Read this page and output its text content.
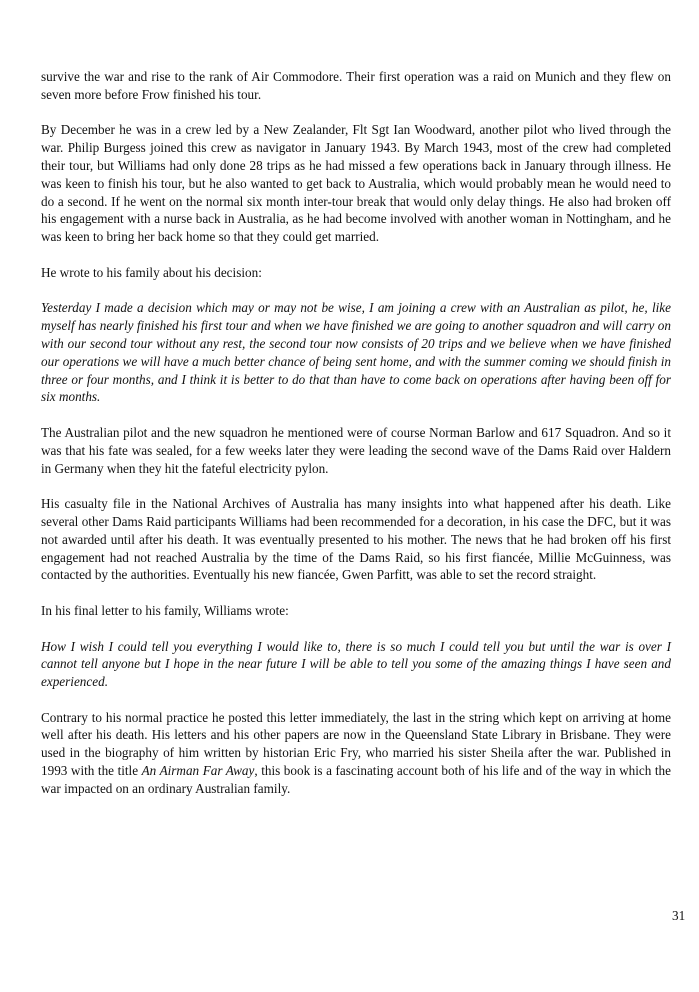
survive the war and rise to the rank of Air Commodore. Their first operation was a raid on Munich and they flew on seven more before Frow finished his tour.

By December he was in a crew led by a New Zealander, Flt Sgt Ian Woodward, another pilot who lived through the war. Philip Burgess joined this crew as navigator in January 1943. By March 1943, most of the crew had completed their tour, but Williams had only done 28 trips as he had missed a few operations back in January through illness. He was keen to finish his tour, but he also wanted to get back to Australia, which would probably mean he would need to do a second. If he went on the normal six month inter-tour break that would only delay things. He also had broken off his engagement with a nurse back in Australia, as he had become involved with another woman in Nottingham, and he was keen to bring her back home so that they could get married.

He wrote to his family about his decision:

Yesterday I made a decision which may or may not be wise, I am joining a crew with an Australian as pilot, he, like myself has nearly finished his first tour and when we have finished we are going to another squadron and will carry on with our second tour without any rest, the second tour now consists of 20 trips and we believe when we have finished our operations we will have a much better chance of being sent home, and with the summer coming we should finish in three or four months, and I think it is better to do that than have to come back on operations after having been off for six months.

The Australian pilot and the new squadron he mentioned were of course Norman Barlow and 617 Squadron. And so it was that his fate was sealed, for a few weeks later they were leading the second wave of the Dams Raid over Haldern in Germany when they hit the fateful electricity pylon.

His casualty file in the National Archives of Australia has many insights into what happened after his death. Like several other Dams Raid participants Williams had been recommended for a decoration, in his case the DFC, but it was not awarded until after his death. It was eventually presented to his mother. The news that he had broken off his first engagement had not reached Australia by the time of the Dams Raid, so his first fiancée, Millie McGuinness, was contacted by the authorities. Eventually his new fiancée, Gwen Parfitt, was able to set the record straight.

In his final letter to his family, Williams wrote:

How I wish I could tell you everything I would like to, there is so much I could tell you but until the war is over I cannot tell anyone but I hope in the near future I will be able to tell you some of the amazing things I have seen and experienced.

Contrary to his normal practice he posted this letter immediately, the last in the string which kept on arriving at home well after his death. His letters and his other papers are now in the Queensland State Library in Brisbane. They were used in the biography of him written by historian Eric Fry, who married his sister Sheila after the war. Published in 1993 with the title An Airman Far Away, this book is a fascinating account both of his life and of the way in which the war impacted on an ordinary Australian family.

31
